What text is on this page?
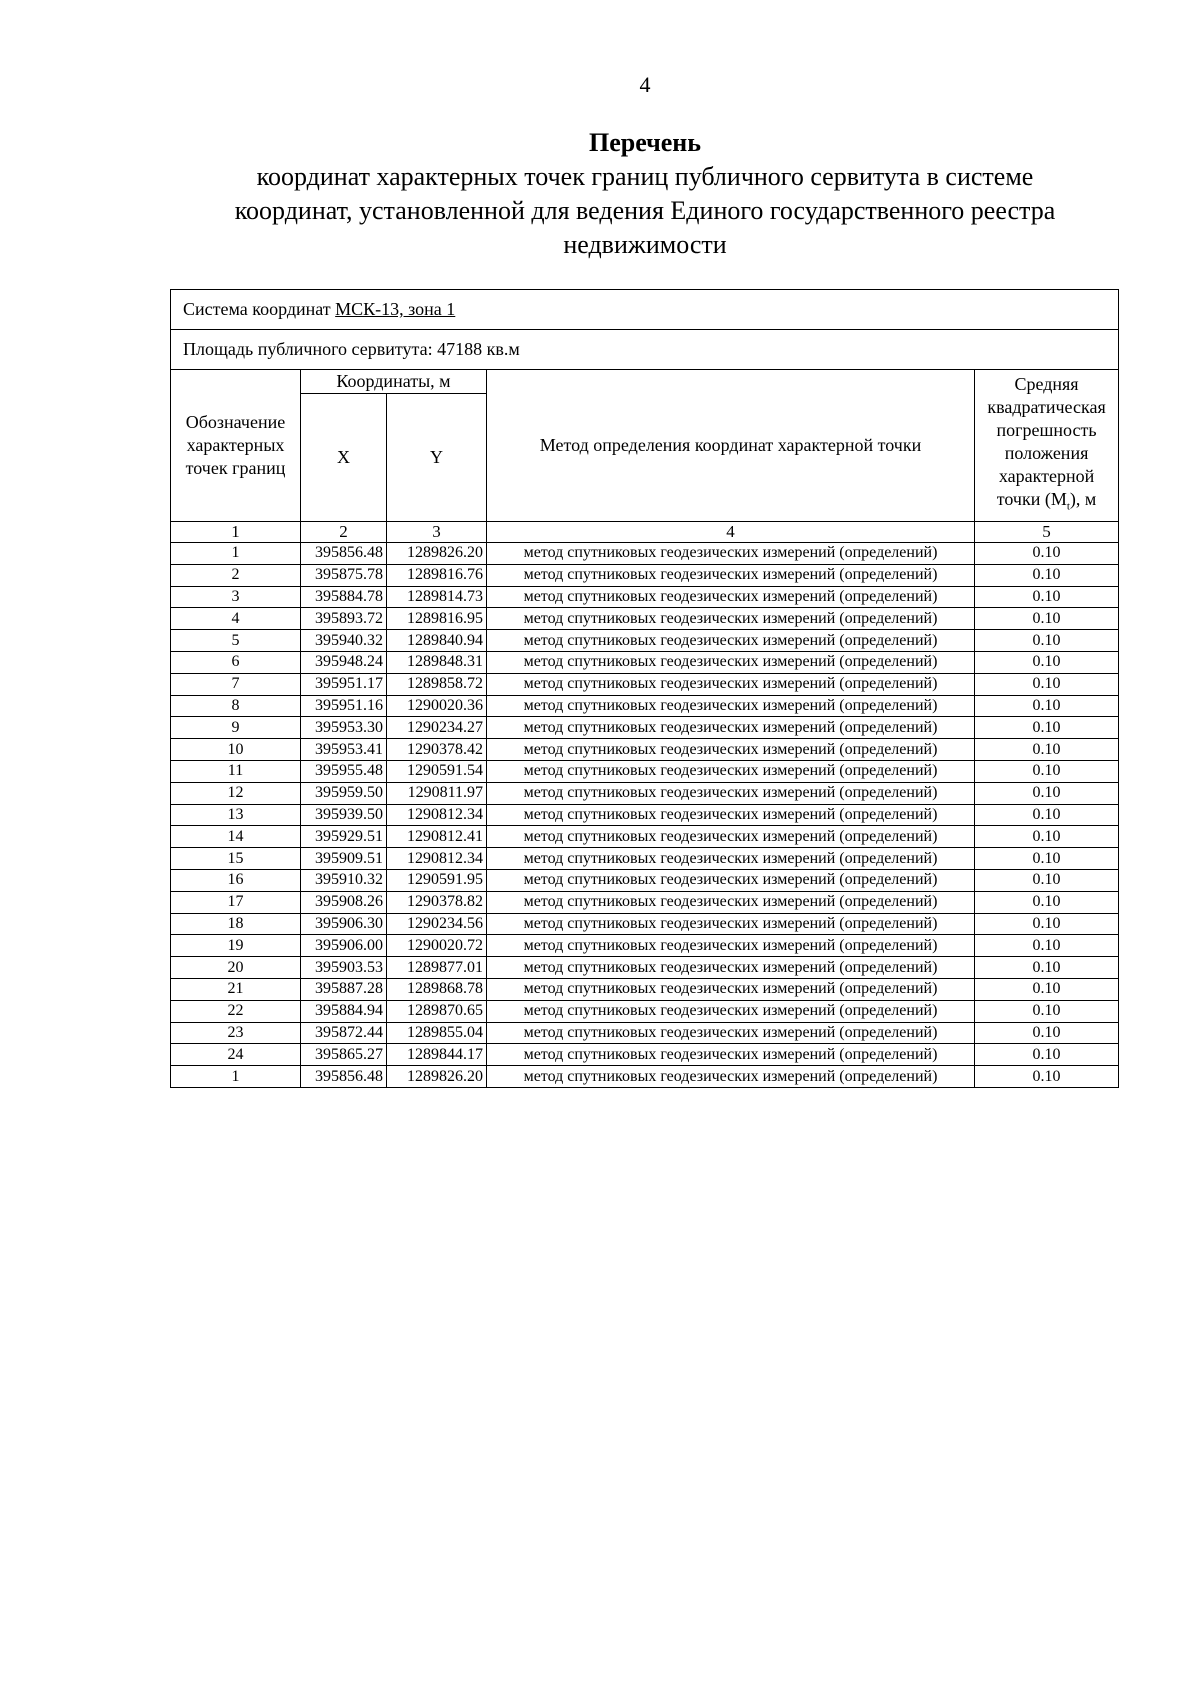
4
Перечень
координат характерных точек границ публичного сервитута в системе
координат, установленной для ведения Единого государственного реестра
недвижимости
Система координат МСК-13, зона 1				
Площадь публичного сервитута: 47188 кв.м				
Обозначение характерных точек границ	Координаты, м		Метод определения координат характерной точки	Средняя квадратическая погрешность положения характерной точки $(M_t)$, м
	X	Y		
1	2	3	4	5
1	395856.48	1289826.20	метод спутниковых геодезических измерений (определений)	0.10
2	395875.78	1289816.76	метод спутниковых геодезических измерений (определений)	0.10
3	395884.78	1289814.73	метод спутниковых геодезических измерений (определений)	0.10
4	395893.72	1289816.95	метод спутниковых геодезических измерений (определений)	0.10
5	395940.32	1289840.94	метод спутниковых геодезических измерений (определений)	0.10
6	395948.24	1289848.31	метод спутниковых геодезических измерений (определений)	0.10
7	395951.17	1289858.72	метод спутниковых геодезических измерений (определений)	0.10
8	395951.16	1290020.36	метод спутниковых геодезических измерений (определений)	0.10
9	395953.30	1290234.27	метод спутниковых геодезических измерений (определений)	0.10
10	395953.41	1290378.42	метод спутниковых геодезических измерений (определений)	0.10
11	395955.48	1290591.54	метод спутниковых геодезических измерений (определений)	0.10
12	395959.50	1290811.97	метод спутниковых геодезических измерений (определений)	0.10
13	395939.50	1290812.34	метод спутниковых геодезических измерений (определений)	0.10
14	395929.51	1290812.41	метод спутниковых геодезических измерений (определений)	0.10
15	395909.51	1290812.34	метод спутниковых геодезических измерений (определений)	0.10
16	395910.32	1290591.95	метод спутниковых геодезических измерений (определений)	0.10
17	395908.26	1290378.82	метод спутниковых геодезических измерений (определений)	0.10
18	395906.30	1290234.56	метод спутниковых геодезических измерений (определений)	0.10
19	395906.00	1290020.72	метод спутниковых геодезических измерений (определений)	0.10
20	395903.53	1289877.01	метод спутниковых геодезических измерений (определений)	0.10
21	395887.28	1289868.78	метод спутниковых геодезических измерений (определений)	0.10
22	395884.94	1289870.65	метод спутниковых геодезических измерений (определений)	0.10
23	395872.44	1289855.04	метод спутниковых геодезических измерений (определений)	0.10
24	395865.27	1289844.17	метод спутниковых геодезических измерений (определений)	0.10
1	395856.48	1289826.20	метод спутниковых геодезических измерений (определений)	0.10
